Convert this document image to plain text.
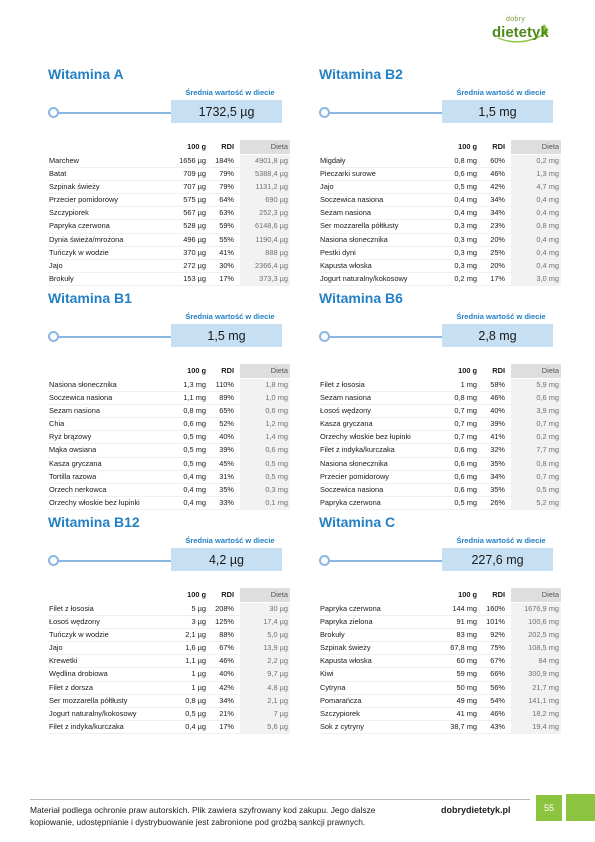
dobry
dietetyk
Witamina A
Średnia wartość w diecie
1732,5 µg
100 g RDI	Dieta
Marchew	1656 µg 184%	4901,8 µg
Batat	709 µg 79%	5388,4 µg
Szpinak świeży	707 µg 79%	1131,2 µg
Przecier pomidorowy	575 µg 64%	690 µg
Szczypiorek	567 µg 63%	252,3 µg
Papryka czerwona	528 µg 59%	6148,6 µg
Dynia świeża/mrożona	496 µg 55%	1190,4 µg
Tuńczyk w wodzie	370 µg 41%	888 µg
Jajo	272 µg 30%	2366,4 µg
Brokuły	153 µg 17%	373,3 µg
Witamina B2
Średnia wartość w diecie
1,5 mg
100 g RDI	Dieta
Migdały	0,8 mg 60%	0,2 mg
Pieczarki surowe	0,6 mg 46%	1,3 mg
Jajo	0,5 mg 42%	4,7 mg
Soczewica nasiona	0,4 mg 34%	0,4 mg
Sezam nasiona	0,4 mg 34%	0,4 mg
Ser mozzarella półtłusty	0,3 mg 23%	0,8 mg
Nasiona słonecznika	0,3 mg 20%	0,4 mg
Pestki dyni	0,3 mg 25%	0,4 mg
Kapusta włoska	0,3 mg 20%	0,4 mg
Jogurt naturalny/kokosowy	0,2 mg 17%	3,0 mg
Witamina B1
Średnia wartość w diecie
1,5 mg
100 g RDI	Dieta
Nasiona słonecznika	1,3 mg 110%	1,8 mg
Soczewica nasiona	1,1 mg 89%	1,0 mg
Sezam nasiona	0,8 mg 65%	0,6 mg
Chia	0,6 mg 52%	1,2 mg
Ryż brązowy	0,5 mg 40%	1,4 mg
Mąka owsiana	0,5 mg 39%	0,6 mg
Kasza gryczana	0,5 mg 45%	0,5 mg
Tortilla razowa	0,4 mg 31%	0,5 mg
Orzech nerkowca	0,4 mg 35%	0,3 mg
Orzechy włoskie bez łupinki	0,4 mg 33%	0,1 mg
Witamina B6
Średnia wartość w diecie
2,8 mg
100 g RDI	Dieta
Filet z łososia	1 mg 58%	5,9 mg
Sezam nasiona	0,8 mg 46%	0,6 mg
Łosoś wędzony	0,7 mg 40%	3,9 mg
Kasza gryczana	0,7 mg 39%	0,7 mg
Orzechy włoskie bez łupinki	0,7 mg 41%	0,2 mg
Filet z indyka/kurczaka	0,6 mg 32%	7,7 mg
Nasiona słonecznika	0,6 mg 35%	0,8 mg
Przecier pomidorowy	0,6 mg 34%	0,7 mg
Soczewica nasiona	0,6 mg 35%	0,5 mg
Papryka czerwona	0,5 mg 26%	5,2 mg
Witamina B12
Średnia wartość w diecie
4,2 µg
100 g RDI	Dieta
Filet z łososia	5 µg 208%	30 µg
Łosoś wędzony	3 µg 125%	17,4 µg
Tuńczyk w wodzie	2,1 µg 88%	5,0 µg
Jajo	1,6 µg 67%	13,9 µg
Krewetki	1,1 µg 46%	2,2 µg
Wędlina drobiowa	1 µg 40%	9,7 µg
Filet z dorsza	1 µg 42%	4,8 µg
Ser mozzarella półtłusty	0,8 µg 34%	2,1 µg
Jogurt naturalny/kokosowy	0,5 µg 21%	7 µg
Filet z indyka/kurczaka	0,4 µg 17%	5,6 µg
Witamina C
Średnia wartość w diecie
227,6 mg
100 g RDI	Dieta
Papryka czerwona	144 mg 160%	1676,9 mg
Papryka zielona	91 mg 101%	100,6 mg
Brokuły	83 mg 92%	202,5 mg
Szpinak świeży	67,8 mg 75%	108,5 mg
Kapusta włoska	60 mg 67%	84 mg
Kiwi	59 mg 66%	300,9 mg
Cytryna	50 mg 56%	21,7 mg
Pomarańcza	49 mg 54%	141,1 mg
Szczypiorek	41 mg 46%	18,2 mg
Sok z cytryny	38,7 mg 43%	19,4 mg
Materiał podlega ochronie praw autorskich. Plik zawiera szyfrowany kod zakupu. Jego dalsze
kopiowanie, udostępnianie i dystrybuowanie jest zabronione pod groźbą sankcji prawnych.
dobrydietetyk.pl	55
